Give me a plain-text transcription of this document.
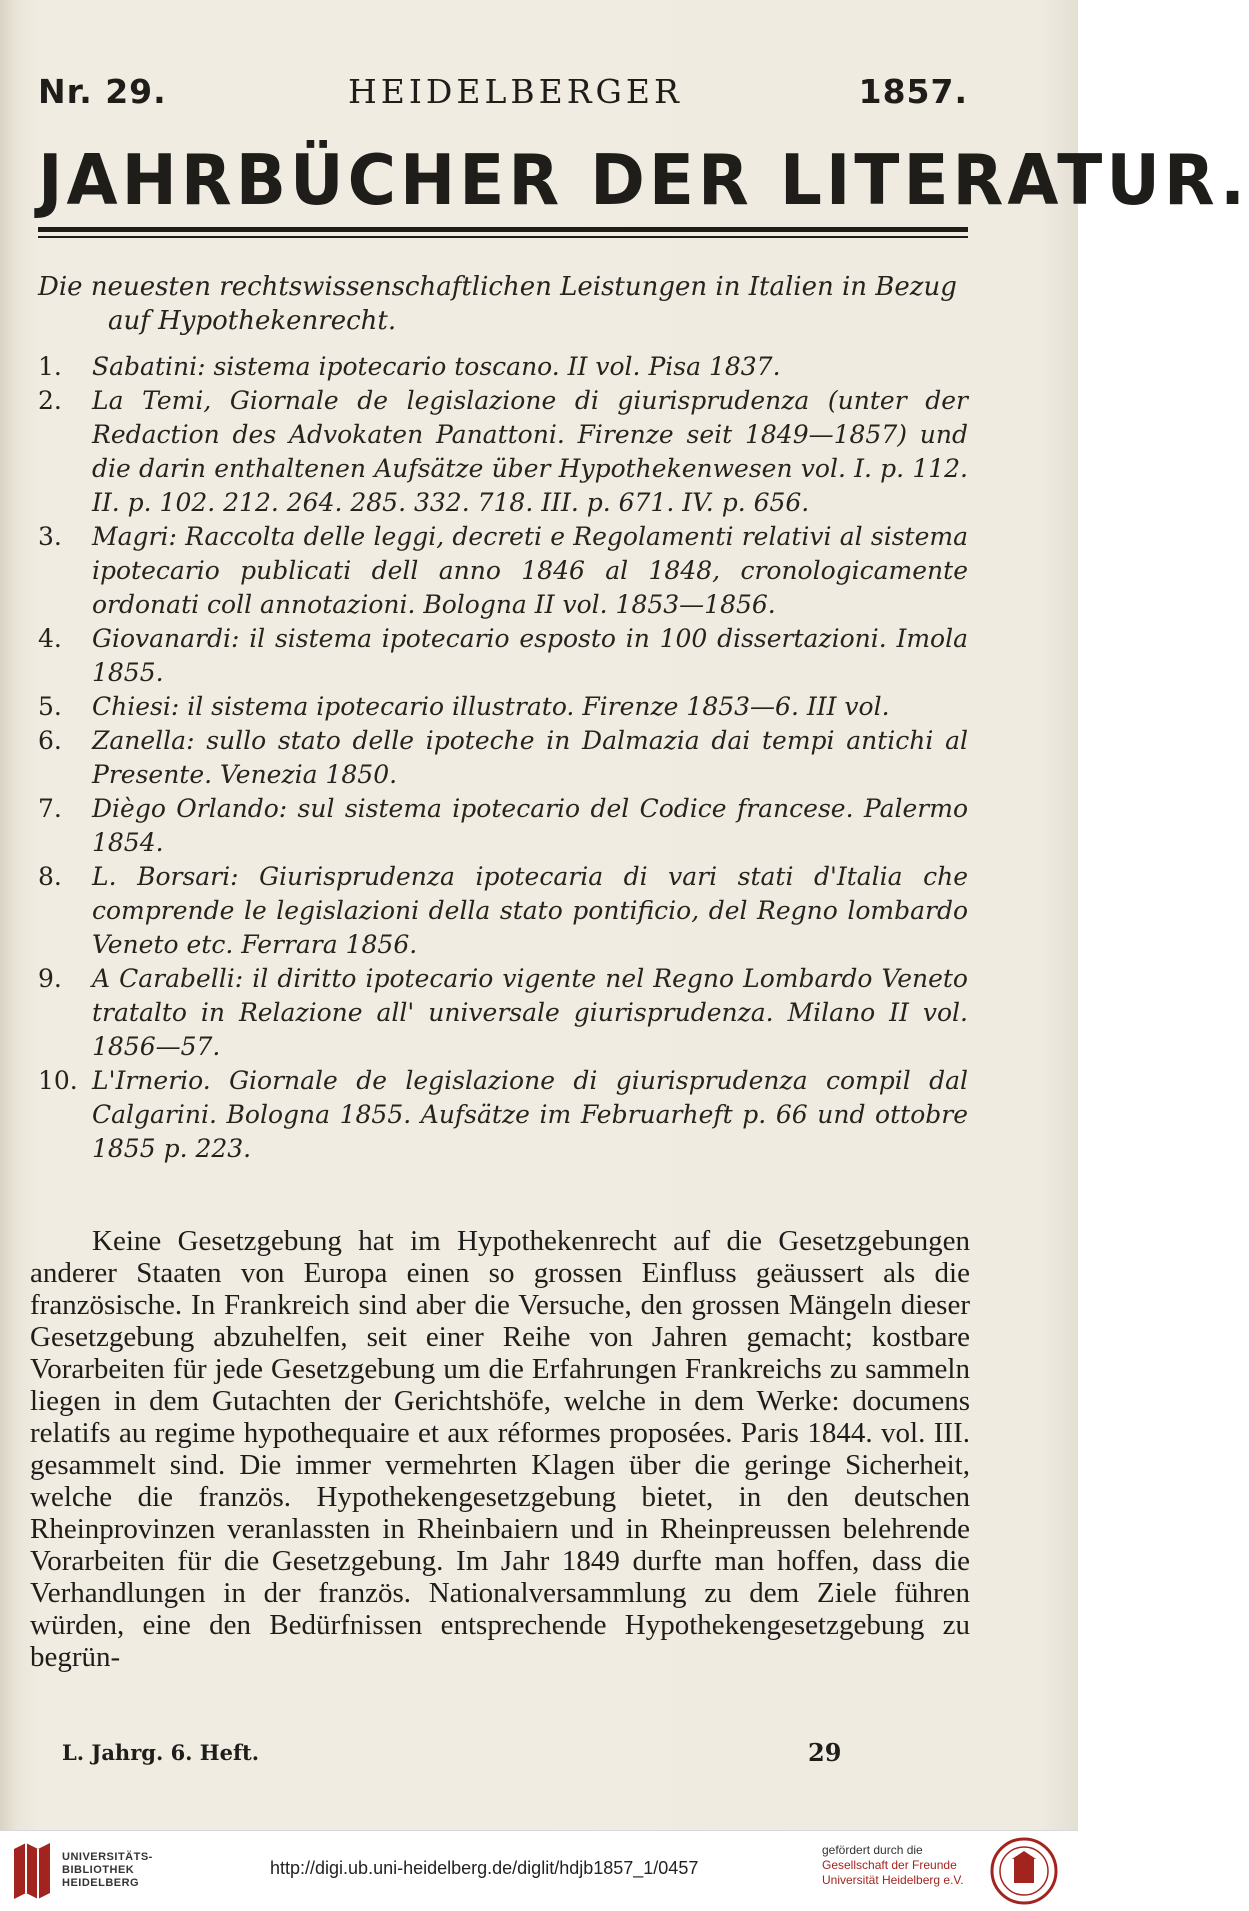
Nr. 29.	HEIDELBERGER	1857.
JAHRBÜCHER DER LITERATUR.
Die neuesten rechtswissenschaftlichen Leistungen in Italien in Bezug
auf Hypothekenrecht.
1. Sabatini: sistema ipotecario toscano. II vol. Pisa 1837.
2. La Temi, Giornale de legislazione di giurisprudenza (unter der Redaction des Advokaten Panattoni. Firenze seit 1849—1857) und die darin enthaltenen Aufsätze über Hypothekenwesen vol. I. p. 112. II. p. 102. 212. 264. 285. 332. 718. III. p. 671. IV. p. 656.
3. Magri: Raccolta delle leggi, decreti e Regolamenti relativi al sistema ipotecario publicati dell anno 1846 al 1848, cronologicamente ordonati coll annotazioni. Bologna II vol. 1853—1856.
4. Giovanardi: il sistema ipotecario esposto in 100 dissertazioni. Imola 1855.
5. Chiesi: il sistema ipotecario illustrato. Firenze 1853—6. III vol.
6. Zanella: sullo stato delle ipoteche in Dalmazia dai tempi antichi al Presente. Venezia 1850.
7. Diègo Orlando: sul sistema ipotecario del Codice francese. Palermo 1854.
8. L. Borsari: Giurisprudenza ipotecaria di vari stati d'Italia che comprende le legislazioni della stato pontificio, del Regno lombardo Veneto etc. Ferrara 1856.
9. A Carabelli: il diritto ipotecario vigente nel Regno Lombardo Veneto tratalto in Relazione all' universale giurisprudenza. Milano II vol. 1856—57.
10. L'Irnerio. Giornale de legislazione di giurisprudenza compil dal Calgarini. Bologna 1855. Aufsätze im Februarheft p. 66 und ottobre 1855 p. 223.

Keine Gesetzgebung hat im Hypothekenrecht auf die Gesetzgebungen anderer Staaten von Europa einen so grossen Einfluss geäussert als die französische. In Frankreich sind aber die Versuche, den grossen Mängeln dieser Gesetzgebung abzuhelfen, seit einer Reihe von Jahren gemacht; kostbare Vorarbeiten für jede Gesetzgebung um die Erfahrungen Frankreichs zu sammeln liegen in dem Gutachten der Gerichtshöfe, welche in dem Werke: documens relatifs au regime hypothequaire et aux réformes proposées. Paris 1844. vol. III. gesammelt sind. Die immer vermehrten Klagen über die geringe Sicherheit, welche die französ. Hypothekengesetzgebung bietet, in den deutschen Rheinprovinzen veranlassten in Rheinbaiern und in Rheinpreussen belehrende Vorarbeiten für die Gesetzgebung. Im Jahr 1849 durfte man hoffen, dass die Verhandlungen in der französ. Nationalversammlung zu dem Ziele führen würden, eine den Bedürfnissen entsprechende Hypothekengesetzgebung zu begrün-

L. Jahrg. 6. Heft.	29
UNIVERSITÄTS-
BIBLIOTHEK
HEIDELBERG
http://digi.ub.uni-heidelberg.de/diglit/hdjb1857_1/0457
gefördert durch die
Gesellschaft der Freunde
Universität Heidelberg e.V.
